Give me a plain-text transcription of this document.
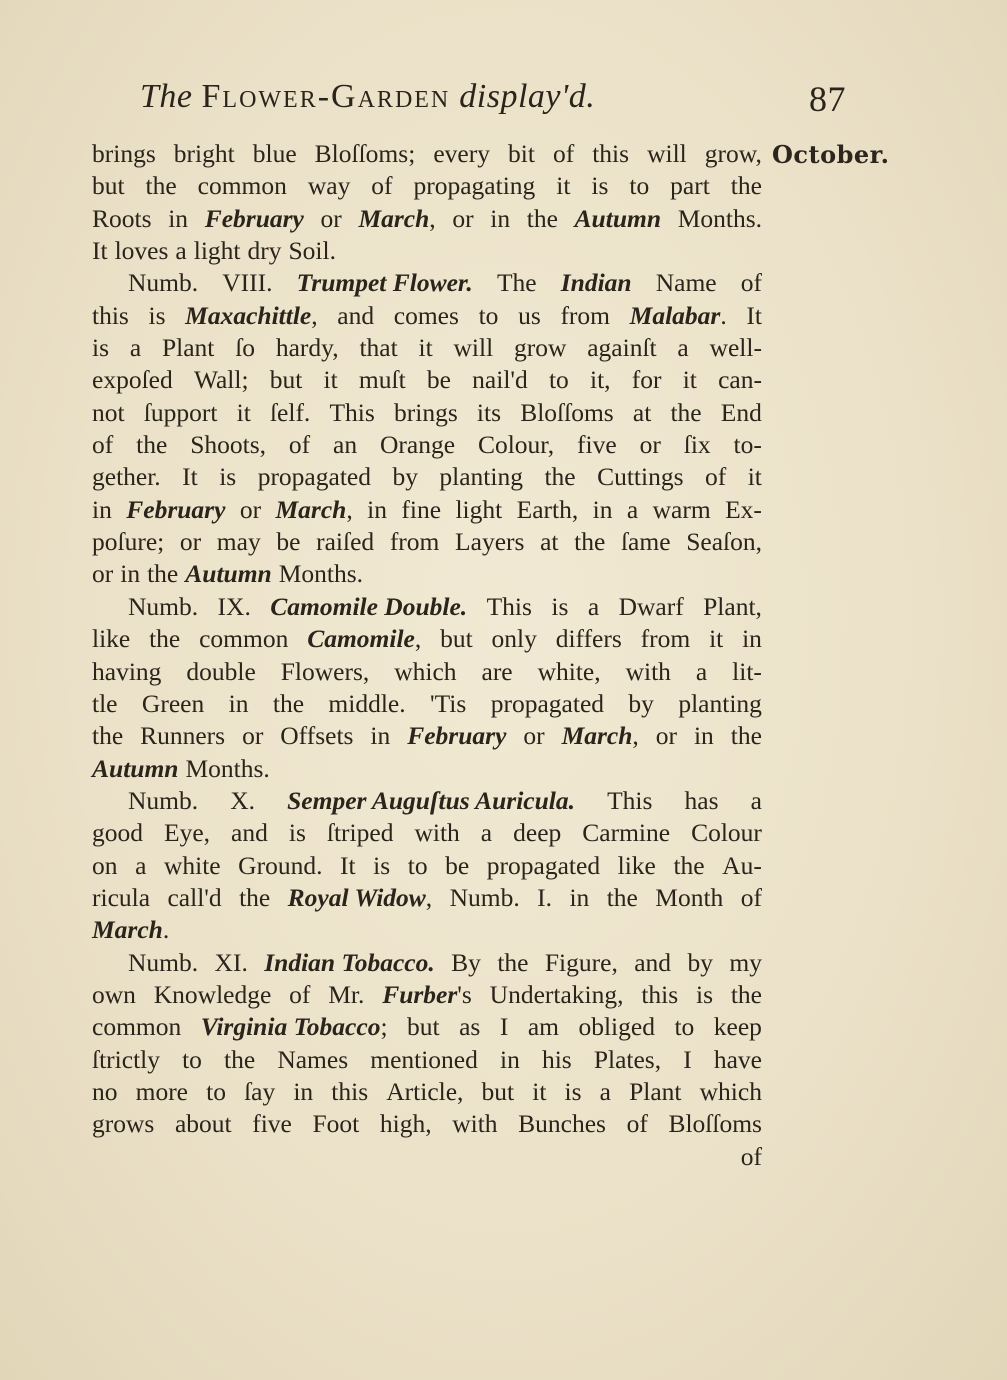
The Flower-Garden display'd.	87
October.
brings bright blue Bloſſoms; every bit of this will grow,
but the common way of propagating it is to part the
Roots in February or March, or in the Autumn Months.
It loves a light dry Soil.
Numb. VIII. Trumpet Flower. The Indian Name of
this is Maxachittle, and comes to us from Malabar. It
is a Plant ſo hardy, that it will grow againſt a well-
expoſed Wall; but it muſt be nail'd to it, for it can-
not ſupport it ſelf. This brings its Bloſſoms at the End
of the Shoots, of an Orange Colour, five or ſix to-
gether. It is propagated by planting the Cuttings of it
in February or March, in fine light Earth, in a warm Ex-
poſure; or may be raiſed from Layers at the ſame Seaſon,
or in the Autumn Months.
Numb. IX. Camomile Double. This is a Dwarf Plant,
like the common Camomile, but only differs from it in
having double Flowers, which are white, with a lit-
tle Green in the middle. 'Tis propagated by planting
the Runners or Offsets in February or March, or in the
Autumn Months.
Numb. X. Semper Auguſtus Auricula. This has a
good Eye, and is ſtriped with a deep Carmine Colour
on a white Ground. It is to be propagated like the Au-
ricula call'd the Royal Widow, Numb. I. in the Month of
March.
Numb. XI. Indian Tobacco. By the Figure, and by my
own Knowledge of Mr. Furber's Undertaking, this is the
common Virginia Tobacco; but as I am obliged to keep
ſtrictly to the Names mentioned in his Plates, I have
no more to ſay in this Article, but it is a Plant which
grows about five Foot high, with Bunches of Bloſſoms
of
